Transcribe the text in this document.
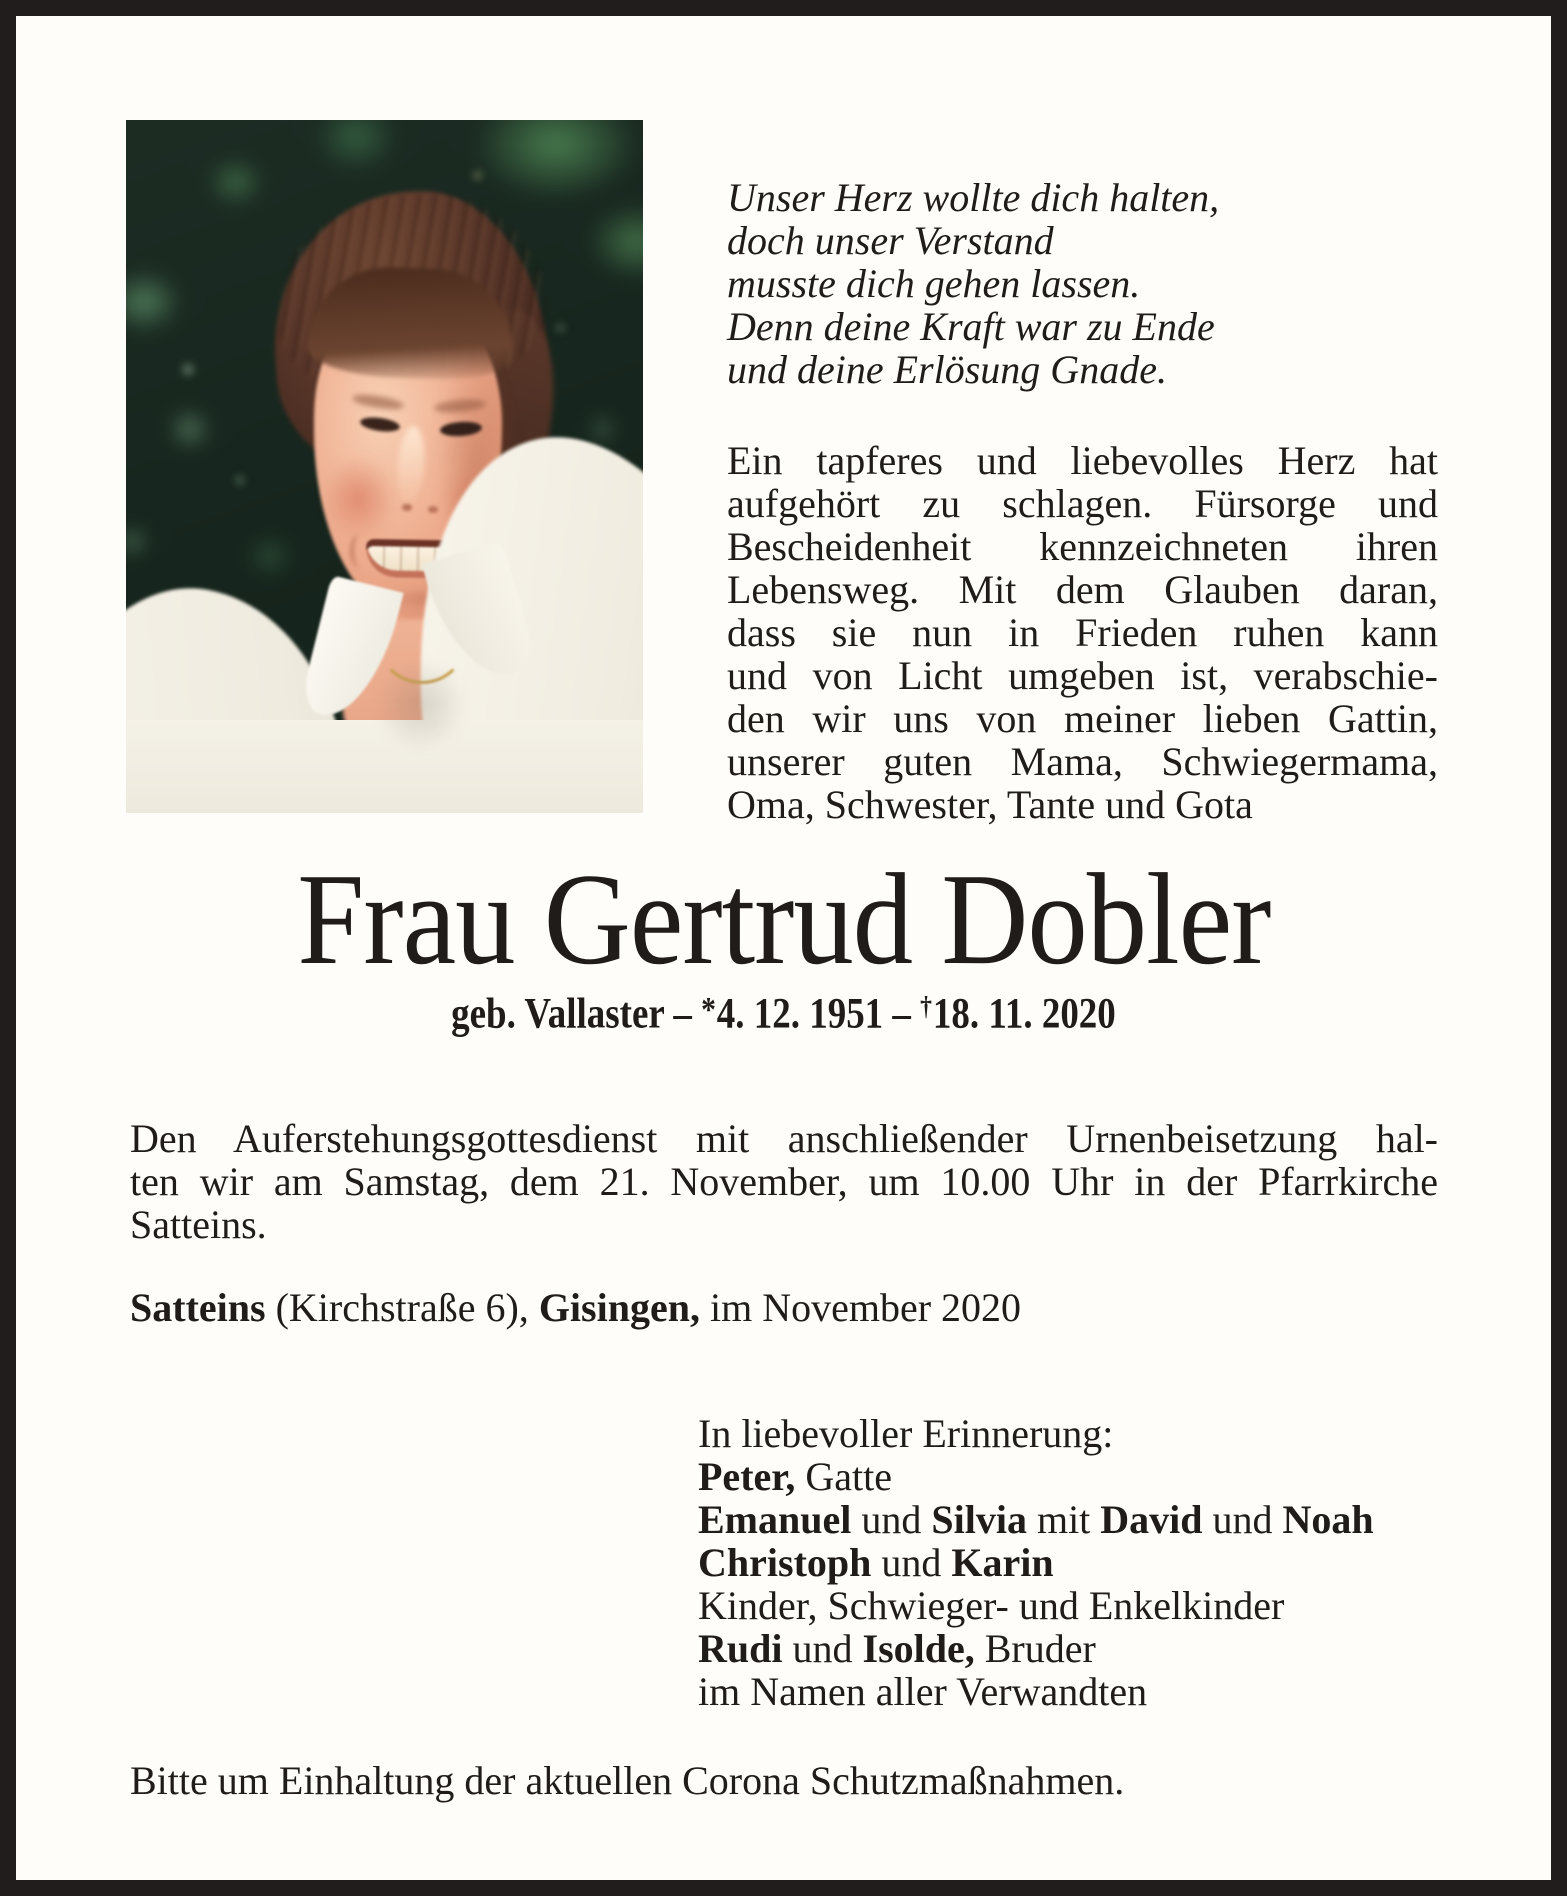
Unser Herz wollte dich halten,
doch unser Verstand
musste dich gehen lassen.
Denn deine Kraft war zu Ende
und deine Erlösung Gnade.
Ein tapferes und liebevolles Herz hat
aufgehört zu schlagen. Fürsorge und
Bescheidenheit kennzeichneten ihren
Lebensweg. Mit dem Glauben daran,
dass sie nun in Frieden ruhen kann
und von Licht umgeben ist, verabschie-
den wir uns von meiner lieben Gattin,
unserer guten Mama, Schwiegermama,
Oma, Schwester, Tante und Gota
Frau Gertrud Dobler
geb. Vallaster – *4. 12. 1951 – †18. 11. 2020
Den Auferstehungsgottesdienst mit anschließender Urnenbeisetzung hal-
ten wir am Samstag, dem 21. November, um 10.00 Uhr in der Pfarrkirche
Satteins.
Satteins (Kirchstraße 6), Gisingen, im November 2020
In liebevoller Erinnerung:
Peter, Gatte
Emanuel und Silvia mit David und Noah
Christoph und Karin
Kinder, Schwieger- und Enkelkinder
Rudi und Isolde, Bruder
im Namen aller Verwandten
Bitte um Einhaltung der aktuellen Corona Schutzmaßnahmen.
